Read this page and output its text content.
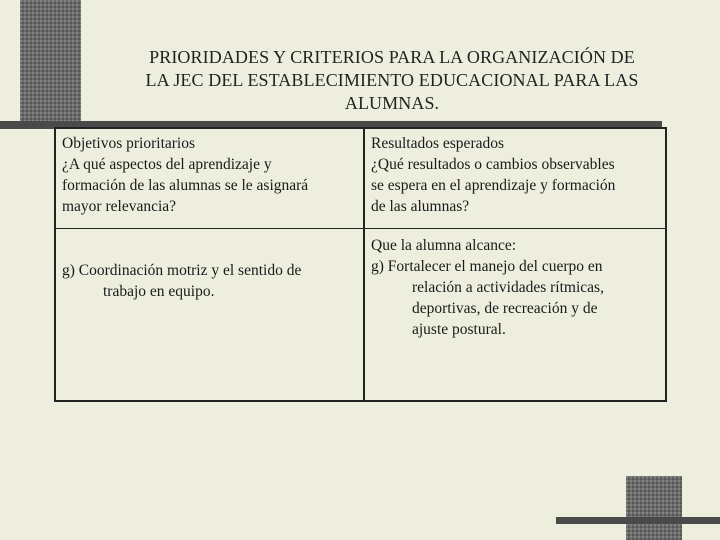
PRIORIDADES Y CRITERIOS PARA LA ORGANIZACIÓN DE
LA JEC DEL ESTABLECIMIENTO EDUCACIONAL PARA LAS
ALUMNAS.
Objetivos prioritarios
¿A qué aspectos del aprendizaje y
formación de las alumnas se le asignará
mayor relevancia?
Resultados esperados
¿Qué resultados o cambios observables
se espera en el aprendizaje y formación
de las alumnas?
g) Coordinación motriz y el sentido de
trabajo en equipo.
Que la alumna alcance:
g) Fortalecer el manejo del cuerpo en
relación a actividades rítmicas,
deportivas, de recreación y de
ajuste postural.
